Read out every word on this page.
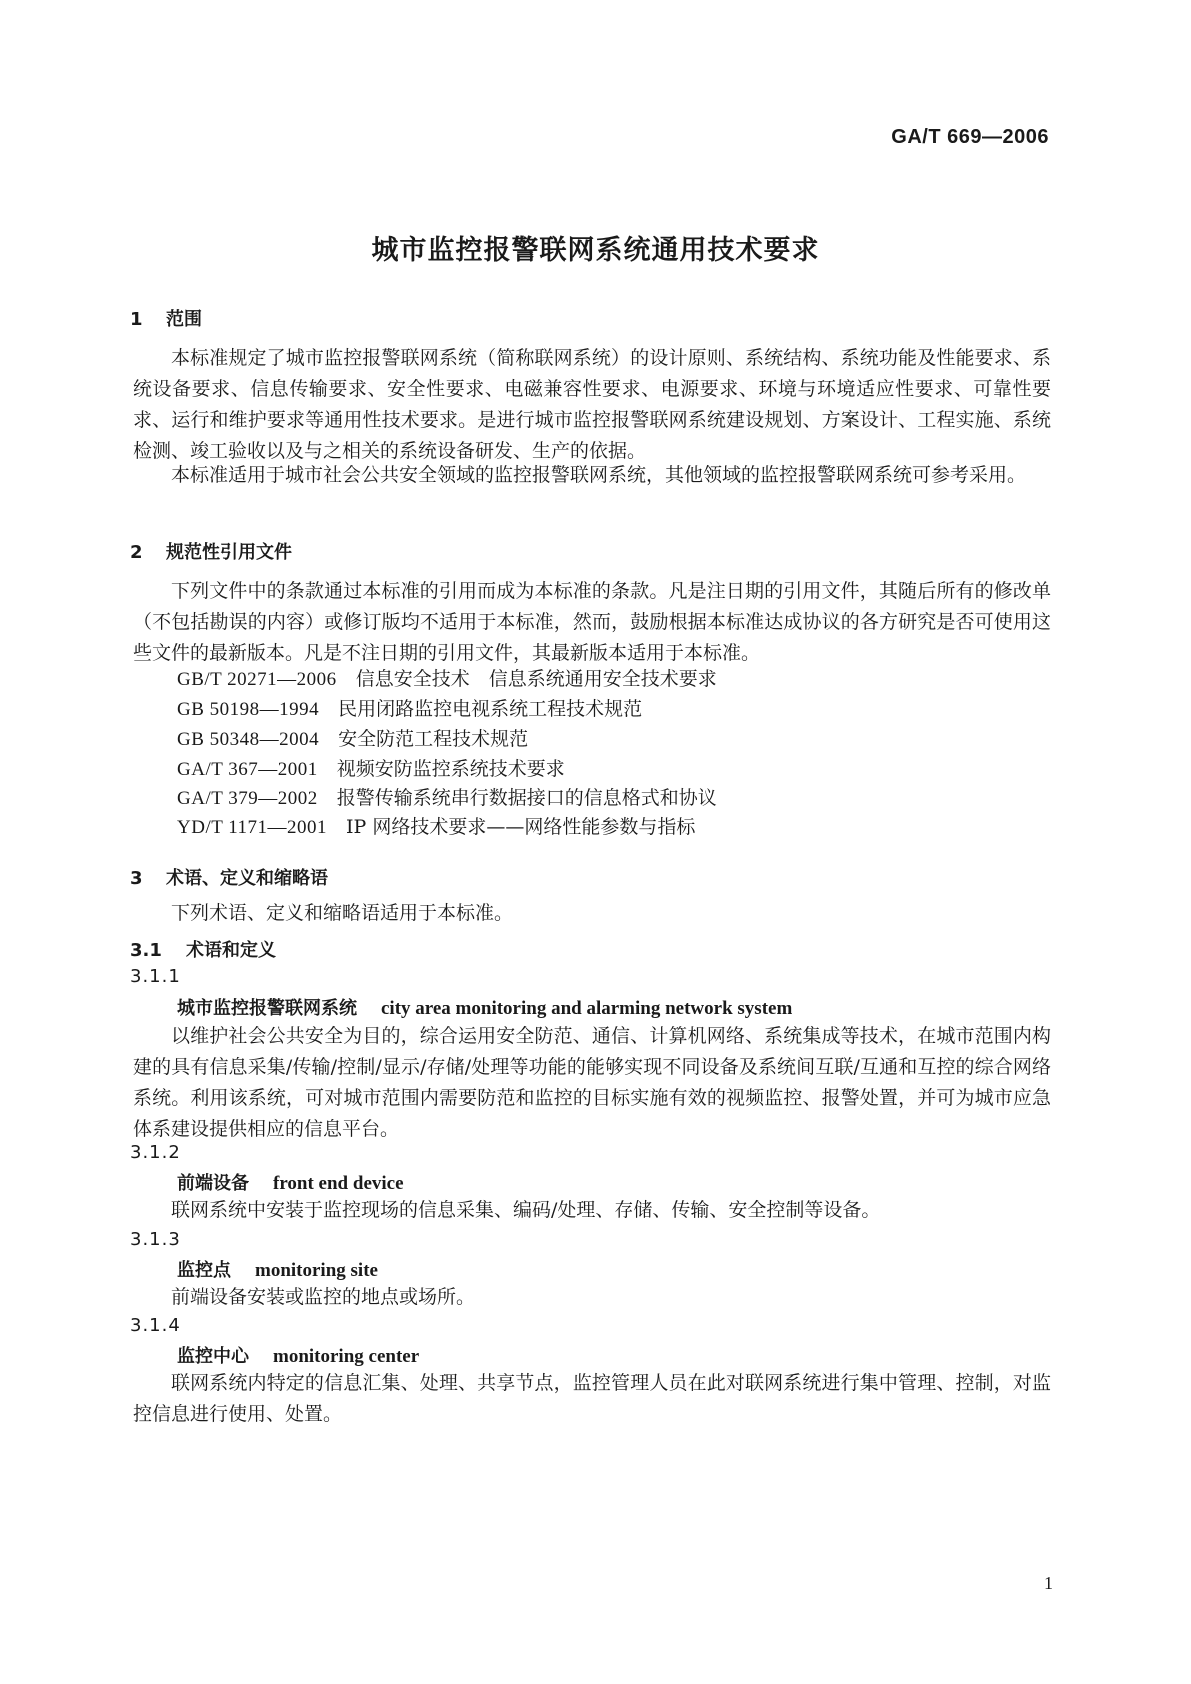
GA/T 669—2006
城市监控报警联网系统通用技术要求
1 范围

本标准规定了城市监控报警联网系统（简称联网系统）的设计原则、系统结构、系统功能及性能要求、系统设备要求、信息传输要求、安全性要求、电磁兼容性要求、电源要求、环境与环境适应性要求、可靠性要求、运行和维护要求等通用性技术要求。是进行城市监控报警联网系统建设规划、方案设计、工程实施、系统检测、竣工验收以及与之相关的系统设备研发、生产的依据。

本标准适用于城市社会公共安全领域的监控报警联网系统，其他领域的监控报警联网系统可参考采用。

2 规范性引用文件

下列文件中的条款通过本标准的引用而成为本标准的条款。凡是注日期的引用文件，其随后所有的修改单（不包括勘误的内容）或修订版均不适用于本标准，然而，鼓励根据本标准达成协议的各方研究是否可使用这些文件的最新版本。凡是不注日期的引用文件，其最新版本适用于本标准。

GB/T 20271—2006　 信息安全技术　信息系统通用安全技术要求
GB 50198—1994　 民用闭路监控电视系统工程技术规范
GB 50348—2004　 安全防范工程技术规范
GA/T 367—2001　 视频安防监控系统技术要求
GA/T 379—2002　 报警传输系统串行数据接口的信息格式和协议
YD/T 1171—2001　 IP 网络技术要求——网络性能参数与指标
3 术语、定义和缩略语

下列术语、定义和缩略语适用于本标准。

3.1 术语和定义
3.1.1
城市监控报警联网系统 city area monitoring and alarming network system

以维护社会公共安全为目的，综合运用安全防范、通信、计算机网络、系统集成等技术，在城市范围内构建的具有信息采集/传输/控制/显示/存储/处理等功能的能够实现不同设备及系统间互联/互通和互控的综合网络系统。利用该系统，可对城市范围内需要防范和监控的目标实施有效的视频监控、报警处置，并可为城市应急体系建设提供相应的信息平台。

3.1.2
前端设备 front end device

联网系统中安装于监控现场的信息采集、编码/处理、存储、传输、安全控制等设备。

3.1.3
监控点 monitoring site

前端设备安装或监控的地点或场所。

3.1.4
监控中心 monitoring center

联网系统内特定的信息汇集、处理、共享节点，监控管理人员在此对联网系统进行集中管理、控制，对监控信息进行使用、处置。

1
